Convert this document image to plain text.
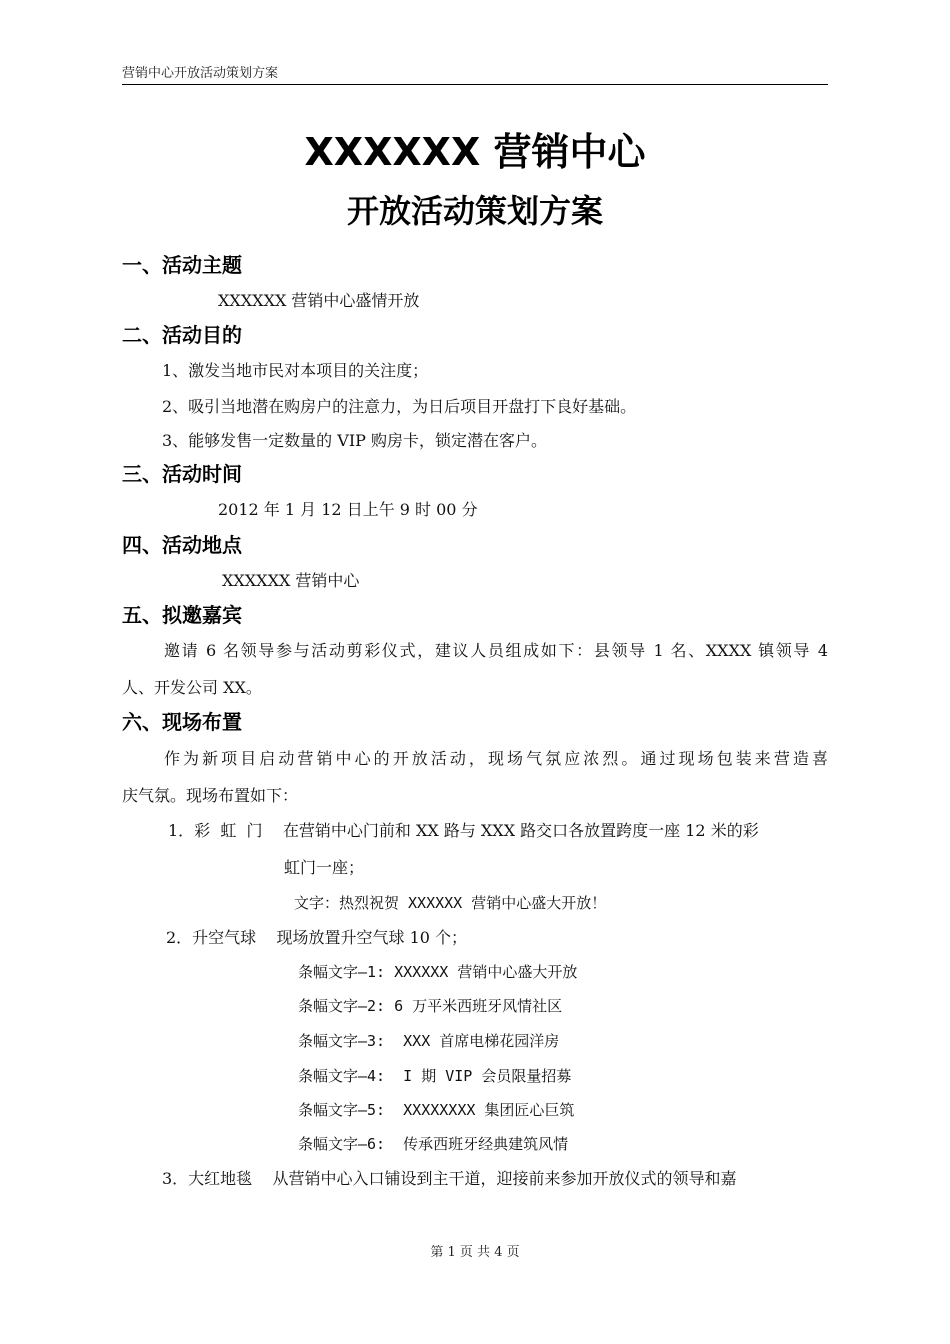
营销中心开放活动策划方案
XXXXXX 营销中心
开放活动策划方案
一、活动主题
XXXXXX 营销中心盛情开放
二、活动目的
1、激发当地市民对本项目的关注度；
2、吸引当地潜在购房户的注意力，为日后项目开盘打下良好基础。
3、能够发售一定数量的 VIP 购房卡，锁定潜在客户。
三、活动时间
2012 年 1 月 12 日上午 9 时 00 分
四、活动地点
XXXXXX 营销中心
五、拟邀嘉宾
邀请 6 名领导参与活动剪彩仪式，建议人员组成如下：县领导 1 名、XXXX 镇领导 4
人、开发公司 XX。
六、现场布置
作为新项目启动营销中心的开放活动，现场气氛应浓烈。通过现场包装来营造喜
庆气氛。现场布置如下：
1．彩  虹  门    在营销中心门前和 XX 路与 XXX 路交口各放置跨度一座 12 米的彩
虹门一座；
文字：热烈祝贺 XXXXXX 营销中心盛大开放！
2．升空气球    现场放置升空气球 10 个；
条幅文字—1: XXXXXX 营销中心盛大开放
条幅文字—2: 6 万平米西班牙风情社区
条幅文字—3:  XXX 首席电梯花园洋房
条幅文字—4:  I 期 VIP 会员限量招募
条幅文字—5:  XXXXXXXX 集团匠心巨筑
条幅文字—6:  传承西班牙经典建筑风情
3．大红地毯    从营销中心入口铺设到主干道，迎接前来参加开放仪式的领导和嘉
第 1 页 共 4 页
